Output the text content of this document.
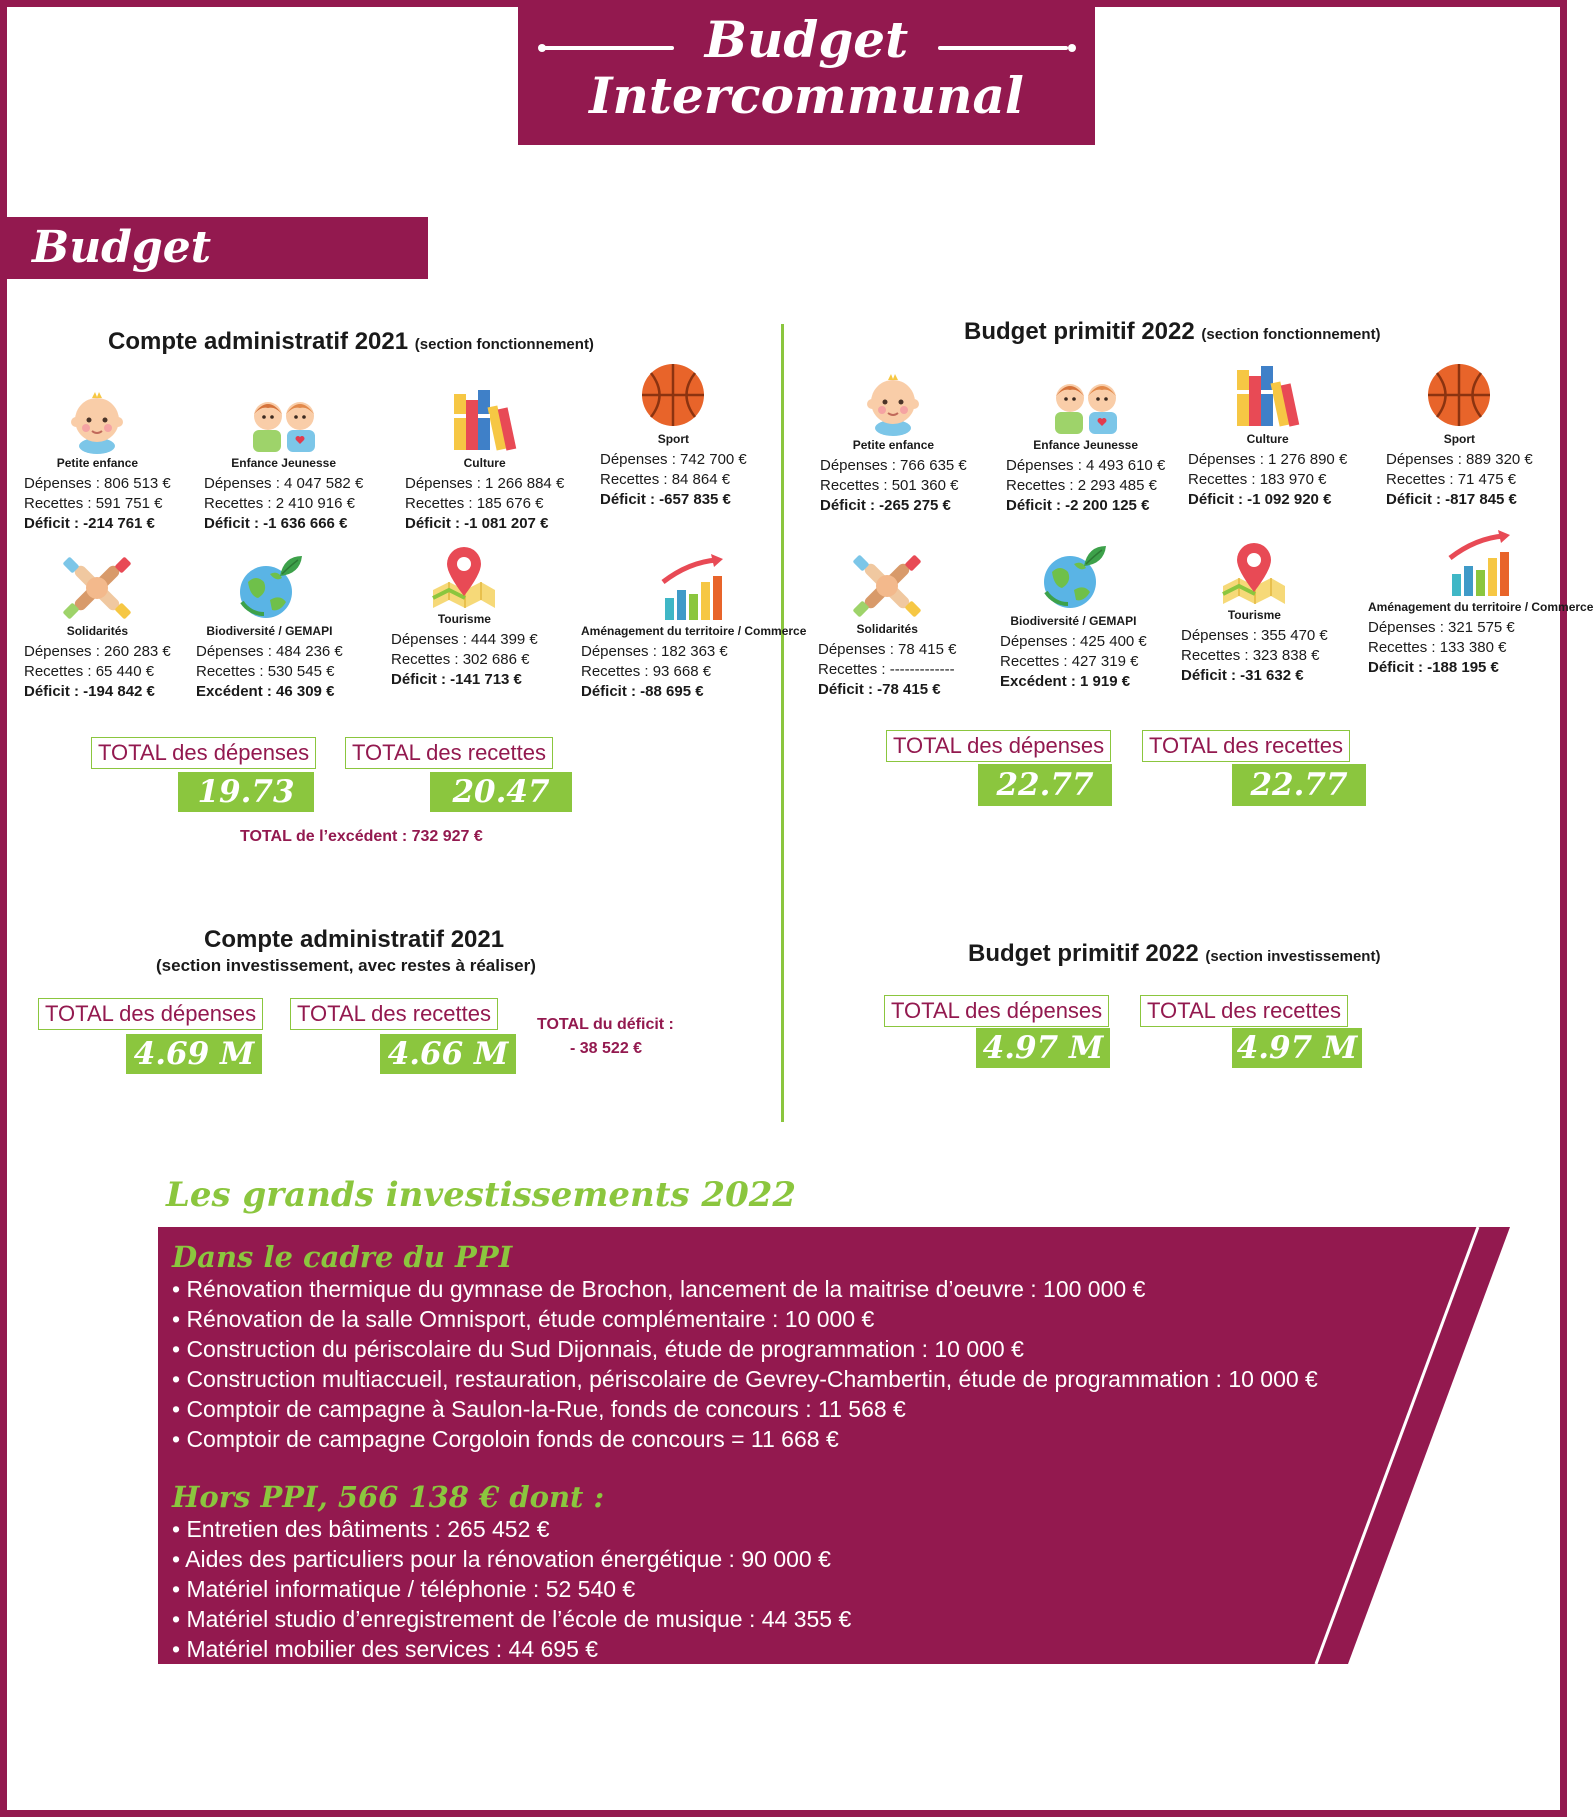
Budget
Intercommunal
Budget principal
Compte administratif 2021 (section fonctionnement)
TOTAL des dépenses
19.73 M €
TOTAL des recettes
20.47 M €
TOTAL de l’excédent : 732 927 €
Budget primitif 2022 (section fonctionnement)
TOTAL des dépenses
22.77 M €
TOTAL des recettes
22.77 M €
Compte administratif 2021
(section investissement, avec restes à réaliser)
TOTAL des dépenses
4.69 M €
TOTAL des recettes
4.66 M €
TOTAL du déficit :
- 38 522 €
Budget primitif 2022 (section investissement)
TOTAL des dépenses
4.97 M €
TOTAL des recettes
4.97 M €
Les grands investissements 2022
Dans le cadre du PPI
• Rénovation thermique du gymnase de Brochon, lancement de la maitrise d’oeuvre : 100 000 €
• Rénovation de la salle Omnisport, étude complémentaire : 10 000 €
• Construction du périscolaire du Sud Dijonnais, étude de programmation : 10 000 €
• Construction multiaccueil, restauration, périscolaire de Gevrey-Chambertin, étude de programmation : 10 000 €
• Comptoir de campagne à Saulon-la-Rue, fonds de concours : 11 568 €
• Comptoir de campagne Corgoloin fonds de concours = 11 668 €
Hors PPI, 566 138 € dont :
• Entretien des bâtiments : 265 452 €
• Aides des particuliers pour la rénovation énergétique : 90 000 €
• Matériel informatique / téléphonie : 52 540 €
• Matériel studio d’enregistrement de l’école de musique : 44 355 €
• Matériel mobilier des services : 44 695 €
• Aides aux communes : 10 000 €
• Aide à la commune de Détain-et-Bruant, parcelle biodiversité : 10 000 €
Petite enfance
Dépenses : 806 513 €
Recettes : 591 751 €
Déficit : -214 761 €
Enfance Jeunesse
Dépenses : 4 047 582 €
Recettes : 2 410 916 €
Déficit : -1 636 666 €
Culture
Dépenses : 1 266 884 €
Recettes : 185 676 €
Déficit : -1 081 207 €
Sport
Dépenses : 742 700 €
Recettes : 84 864 €
Déficit : -657 835 €
Solidarités
Dépenses : 260 283 €
Recettes : 65 440 €
Déficit : -194 842 €
Biodiversité / GEMAPI
Dépenses : 484 236 €
Recettes : 530 545 €
Excédent : 46 309 €
Tourisme
Dépenses : 444 399 €
Recettes : 302 686 €
Déficit : -141 713 €
Aménagement du territoire / Commerce
Dépenses : 182 363 €
Recettes : 93 668 €
Déficit : -88 695 €
Petite enfance
Dépenses : 766 635 €
Recettes : 501 360 €
Déficit : -265 275 €
Enfance Jeunesse
Dépenses : 4 493 610 €
Recettes : 2 293 485 €
Déficit : -2 200 125 €
Culture
Dépenses : 1 276 890 €
Recettes : 183 970 €
Déficit : -1 092 920 €
Sport
Dépenses : 889 320 €
Recettes : 71 475 €
Déficit : -817 845 €
Solidarités
Dépenses : 78 415 €
Recettes : -------------
Déficit : -78 415 €
Biodiversité / GEMAPI
Dépenses : 425 400 €
Recettes : 427 319 €
Excédent : 1 919 €
Tourisme
Dépenses : 355 470 €
Recettes : 323 838 €
Déficit : -31 632 €
Aménagement du territoire / Commerce
Dépenses : 321 575 €
Recettes : 133 380 €
Déficit : -188 195 €
